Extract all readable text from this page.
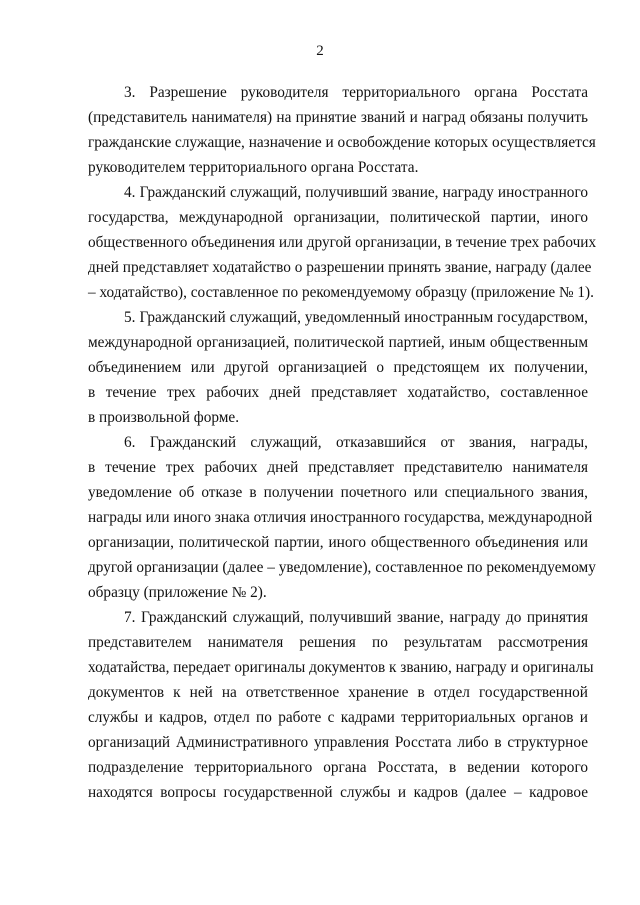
2
3. Разрешение руководителя территориального органа Росстата
(представитель нанимателя) на принятие званий и наград обязаны получить
гражданские служащие, назначение и освобождение которых осуществляется
руководителем территориального органа Росстата.
4. Гражданский служащий, получивший звание, награду иностранного
государства, международной организации, политической партии, иного
общественного объединения или другой организации, в течение трех рабочих
дней представляет ходатайство о разрешении принять звание, награду (далее
– ходатайство), составленное по рекомендуемому образцу (приложение № 1).
5. Гражданский служащий, уведомленный иностранным государством,
международной организацией, политической партией, иным общественным
объединением или другой организацией о предстоящем их получении,
в течение трех рабочих дней представляет ходатайство, составленное
в произвольной форме.
6. Гражданский служащий, отказавшийся от звания, награды,
в течение трех рабочих дней представляет представителю нанимателя
уведомление об отказе в получении почетного или специального звания,
награды или иного знака отличия иностранного государства, международной
организации, политической партии, иного общественного объединения или
другой организации (далее – уведомление), составленное по рекомендуемому
образцу (приложение № 2).
7. Гражданский служащий, получивший звание, награду до принятия
представителем нанимателя решения по результатам рассмотрения
ходатайства, передает оригиналы документов к званию, награду и оригиналы
документов к ней на ответственное хранение в отдел государственной
службы и кадров, отдел по работе с кадрами территориальных органов и
организаций Административного управления Росстата либо в структурное
подразделение территориального органа Росстата, в ведении которого
находятся вопросы государственной службы и кадров (далее – кадровое
